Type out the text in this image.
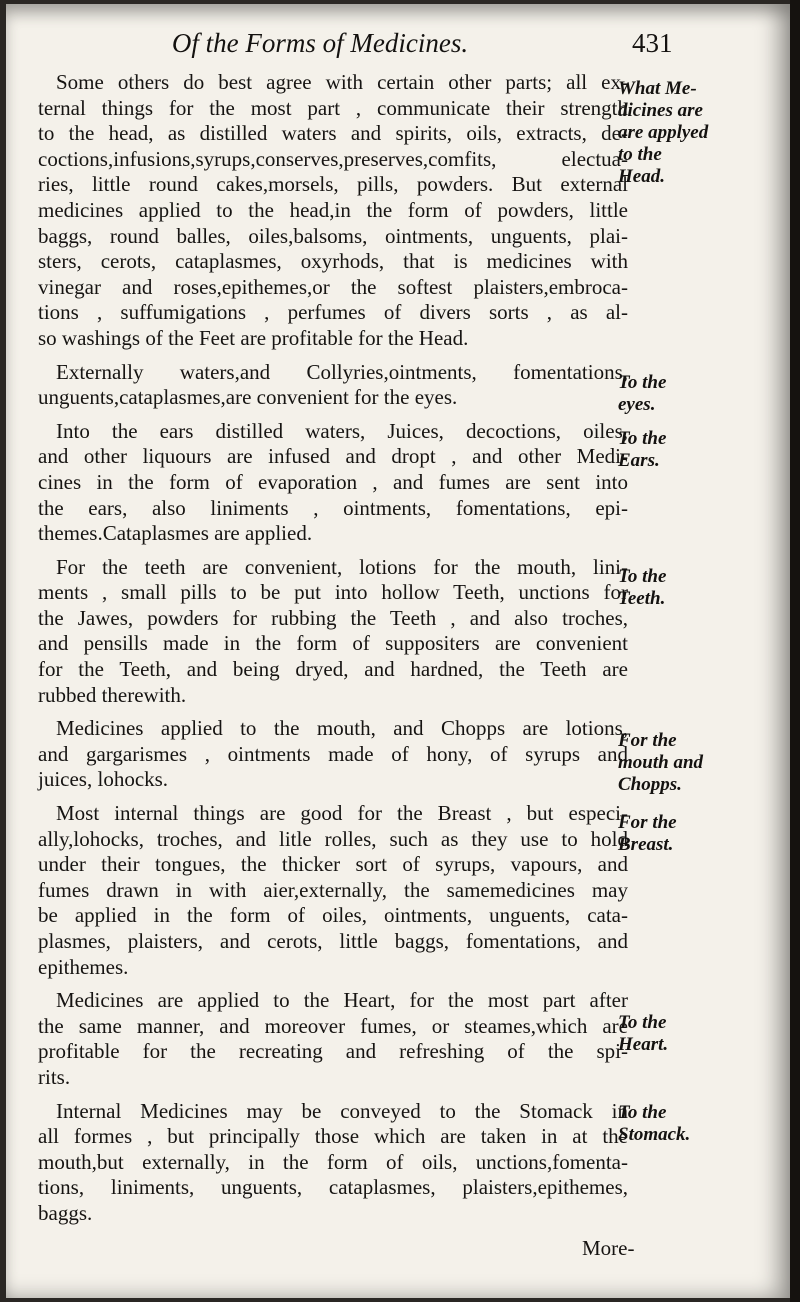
Of the Forms of Medicines.	431
Some others do best agree with certain other parts; all ex-
ternal things for the most part , communicate their strength
to the head, as distilled waters and spirits, oils, extracts, de-
coctions,infusions,syrups,conserves,preserves,comfits, electua-
ries, little round cakes,morsels, pills, powders. But external
medicines applied to the head,in the form of powders, little
baggs, round balles, oiles,balsoms, ointments, unguents, plai-
sters, cerots, cataplasmes, oxyrhods, that is medicines with
vinegar and roses,epithemes,or the softest plaisters,embroca-
tions , suffumigations , perfumes of divers sorts , as al-
so washings of the Feet are profitable for the Head.
Externally waters,and Collyries,ointments, fomentations,
unguents,cataplasmes,are convenient for the eyes.
Into the ears distilled waters, Juices, decoctions, oiles,
and other liquours are infused and dropt , and other Medi-
cines in the form of evaporation , and fumes are sent into
the ears, also liniments , ointments, fomentations, epi-
themes.Cataplasmes are applied.
For the teeth are convenient, lotions for the mouth, lini-
ments , small pills to be put into hollow Teeth, unctions for
the Jawes, powders for rubbing the Teeth , and also troches,
and pensills made in the form of suppositers are convenient
for the Teeth, and being dryed, and hardned, the Teeth are
rubbed therewith.
Medicines applied to the mouth, and Chopps are lotions,
and gargarismes , ointments made of hony, of syrups and
juices, lohocks.
Most internal things are good for the Breast , but especi-
ally,lohocks, troches, and litle rolles, such as they use to hold
under their tongues, the thicker sort of syrups, vapours, and
fumes drawn in with aier,externally, the samemedicines may
be applied in the form of oiles, ointments, unguents, cata-
plasmes, plaisters, and cerots, little baggs, fomentations, and
epithemes.
Medicines are applied to the Heart, for the most part after
the same manner, and moreover fumes, or steames,which are
profitable for the recreating and refreshing of the spi-
rits.
Internal Medicines may be conveyed to the Stomack in
all formes , but principally those which are taken in at the
mouth,but externally, in the form of oils, unctions,fomenta-
tions, liniments, unguents, cataplasmes, plaisters,epithemes,
baggs.
What Me-
dicines are
are applyed
to the
Head.
To the
eyes.
To the
Ears.
To the
Teeth.
For the
mouth and
Chopps.
For the
Breast.
To the
Heart.
To the
Stomack.
More-
